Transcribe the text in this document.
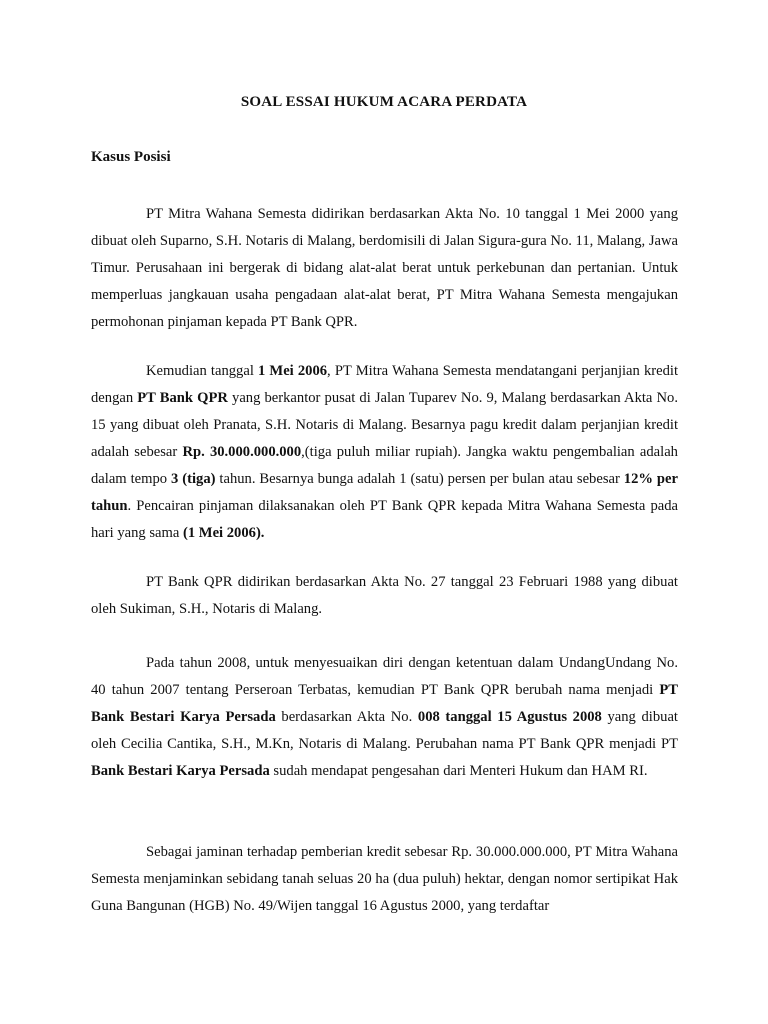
SOAL ESSAI HUKUM ACARA PERDATA
Kasus Posisi

PT Mitra Wahana Semesta didirikan berdasarkan Akta No. 10 tanggal 1 Mei 2000 yang dibuat oleh Suparno, S.H. Notaris di Malang, berdomisili di Jalan Sigura-gura No. 11, Malang, Jawa Timur. Perusahaan ini bergerak di bidang alat-alat berat untuk perkebunan dan pertanian. Untuk memperluas jangkauan usaha pengadaan alat-alat berat, PT Mitra Wahana Semesta mengajukan permohonan pinjaman kepada PT Bank QPR.

Kemudian tanggal 1 Mei 2006, PT Mitra Wahana Semesta mendatangani perjanjian kredit dengan PT Bank QPR yang berkantor pusat di Jalan Tuparev No. 9, Malang berdasarkan Akta No. 15 yang dibuat oleh Pranata, S.H. Notaris di Malang. Besarnya pagu kredit dalam perjanjian kredit adalah sebesar Rp. 30.000.000.000,(tiga puluh miliar rupiah). Jangka waktu pengembalian adalah dalam tempo 3 (tiga) tahun. Besarnya bunga adalah 1 (satu) persen per bulan atau sebesar 12% per tahun. Pencairan pinjaman dilaksanakan oleh PT Bank QPR kepada Mitra Wahana Semesta pada hari yang sama (1 Mei 2006).

PT Bank QPR didirikan berdasarkan Akta No. 27 tanggal 23 Februari 1988 yang dibuat oleh Sukiman, S.H., Notaris di Malang.

Pada tahun 2008, untuk menyesuaikan diri dengan ketentuan dalam UndangUndang No. 40 tahun 2007 tentang Perseroan Terbatas, kemudian PT Bank QPR berubah nama menjadi PT Bank Bestari Karya Persada berdasarkan Akta No. 008 tanggal 15 Agustus 2008 yang dibuat oleh Cecilia Cantika, S.H., M.Kn, Notaris di Malang. Perubahan nama PT Bank QPR menjadi PT Bank Bestari Karya Persada sudah mendapat pengesahan dari Menteri Hukum dan HAM RI.

Sebagai jaminan terhadap pemberian kredit sebesar Rp. 30.000.000.000, PT Mitra Wahana Semesta menjaminkan sebidang tanah seluas 20 ha (dua puluh) hektar, dengan nomor sertipikat Hak Guna Bangunan (HGB) No. 49/Wijen tanggal 16 Agustus 2000, yang terdaftar
